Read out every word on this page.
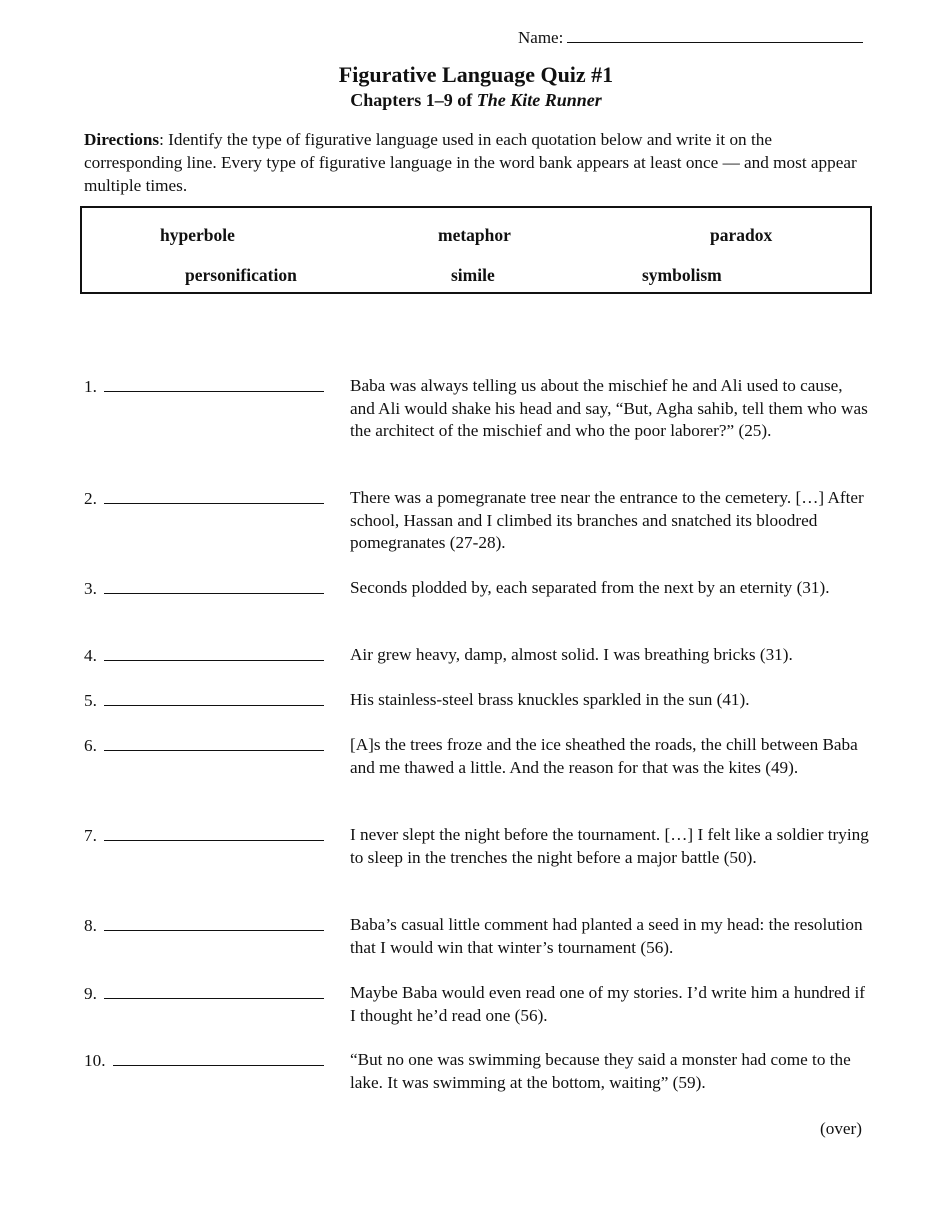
Name:
Figurative Language Quiz #1
Chapters 1–9 of The Kite Runner
Directions: Identify the type of figurative language used in each quotation below and write it on the corresponding line. Every type of figurative language in the word bank appears at least once — and most appear multiple times.
hyperbole	metaphor	paradox
personification	simile	symbolism
1.	Baba was always telling us about the mischief he and Ali used to cause, and Ali would shake his head and say, “But, Agha sahib, tell them who was the architect of the mischief and who the poor laborer?” (25).
2.	There was a pomegranate tree near the entrance to the cemetery. […] After school, Hassan and I climbed its branches and snatched its bloodred pomegranates (27-28).
3.	Seconds plodded by, each separated from the next by an eternity (31).
4.	Air grew heavy, damp, almost solid. I was breathing bricks (31).
5.	His stainless-steel brass knuckles sparkled in the sun (41).
6.	[A]s the trees froze and the ice sheathed the roads, the chill between Baba and me thawed a little. And the reason for that was the kites (49).
7.	I never slept the night before the tournament. […] I felt like a soldier trying to sleep in the trenches the night before a major battle (50).
8.	Baba’s casual little comment had planted a seed in my head: the resolution that I would win that winter’s tournament (56).
9.	Maybe Baba would even read one of my stories. I’d write him a hundred if I thought he’d read one (56).
10.	“But no one was swimming because they said a monster had come to the lake. It was swimming at the bottom, waiting” (59).
(over)
